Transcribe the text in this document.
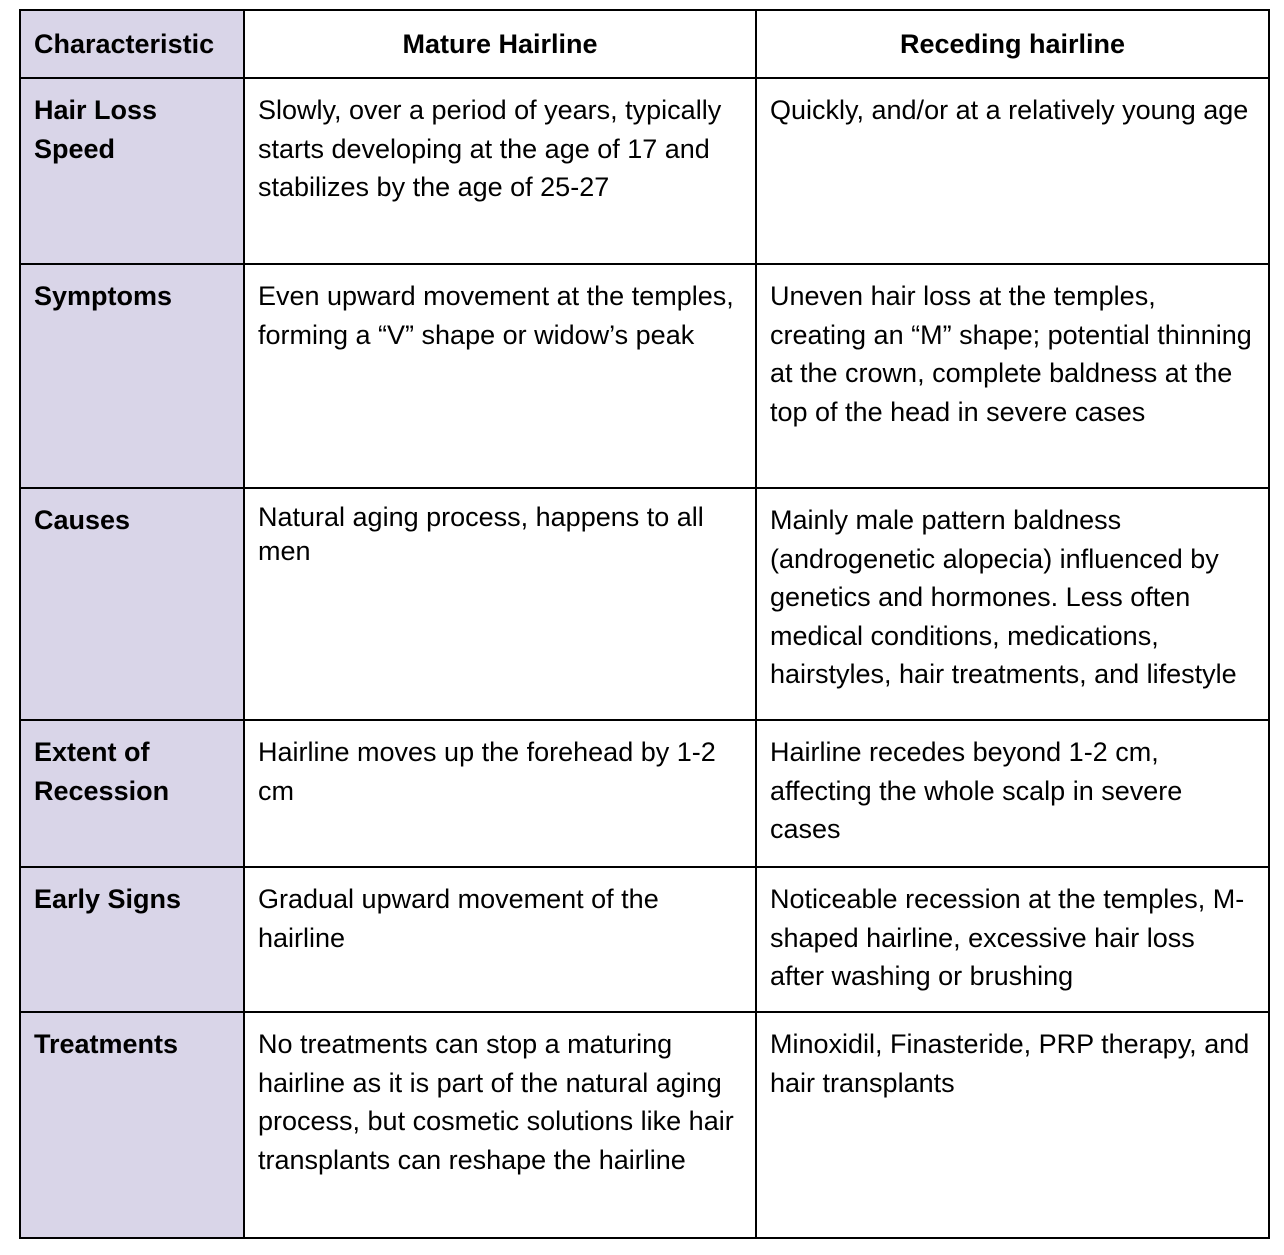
Characteristic	Mature Hairline	Receding hairline
Hair Loss Speed	Slowly, over a period of years, typically starts developing at the age of 17 and stabilizes by the age of 25-27	Quickly, and/or at a relatively young age
Symptoms	Even upward movement at the temples, forming a “V” shape or widow’s peak	Uneven hair loss at the temples, creating an “M” shape; potential thinning at the crown, complete baldness at the top of the head in severe cases
Causes	Natural aging process, happens to all men	Mainly male pattern baldness (androgenetic alopecia) influenced by genetics and hormones. Less often medical conditions, medications, hairstyles, hair treatments, and lifestyle
Extent of Recession	Hairline moves up the forehead by 1-2 cm	Hairline recedes beyond 1-2 cm, affecting the whole scalp in severe cases
Early Signs	Gradual upward movement of the hairline	Noticeable recession at the temples, M-shaped hairline, excessive hair loss after washing or brushing
Treatments	No treatments can stop a maturing hairline as it is part of the natural aging process, but cosmetic solutions like hair transplants can reshape the hairline	Minoxidil, Finasteride, PRP therapy, and hair transplants
